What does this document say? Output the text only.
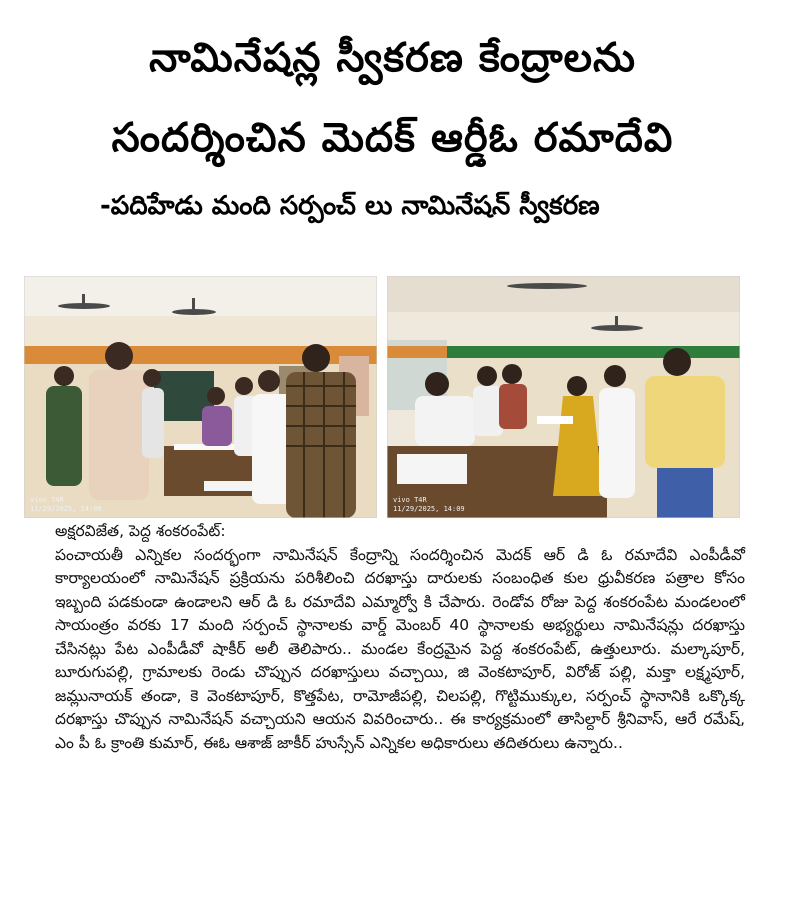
నామినేషన్ల స్వీకరణ కేంద్రాలను
సందర్శించిన మెదక్ ఆర్డీఓ రమాదేవి
-పదిహేడు మంది సర్పంచ్ లు నామినేషన్ స్వీకరణ
vivo T4R
11/29/2025, 14:09
vivo T4R
11/29/2025, 14:09
అక్షరవిజేత, పెద్ద శంకరంపేట్:
పంచాయతీ ఎన్నికల సందర్భంగా నామినేషన్ కేంద్రాన్ని సందర్శించిన మెదక్ ఆర్ డి ఓ రమాదేవి ఎంపీడీవో కార్యాలయంలో నామినేషన్ ప్రక్రియను పరిశీలించి దరఖాస్తు దారులకు సంబంధిత కుల ధ్రువీకరణ పత్రాల కోసం ఇబ్బంది పడకుండా ఉండాలని ఆర్ డి ఓ రమాదేవి ఎమ్మార్వో కి చేపారు. రెండోవ రోజు పెద్ద శంకరంపేట మండలంలో సాయంత్రం వరకు 17 మంది సర్పంచ్ స్థానాలకు వార్డ్ మెంబర్ 40 స్థానాలకు అభ్యర్థులు నామినేషన్లు దరఖాస్తు చేసినట్లు పేట ఎంపీడీవో షాకీర్ అలీ తెలిపారు.. మండల కేంద్రమైన పెద్ద శంకరంపేట్, ఉత్తులూరు. మల్కాపూర్, బూరుగుపల్లి, గ్రామాలకు రెండు చొప్పున దరఖాస్తులు వచ్చాయి, జి వెంకటాపూర్, విరోజ్ పల్లి, మక్తా లక్ష్మపూర్, జమ్లునాయక్ తండా, కె వెంకటాపూర్, కొత్తపేట, రామోజీపల్లి, చిలపల్లి, గొట్టిముక్కుల, సర్పంచ్ స్థానానికి ఒక్కొక్క దరఖాస్తు చొప్పున నామినేషన్ వచ్చాయని ఆయన వివరించారు.. ఈ కార్యక్రమంలో తాసిల్దార్ శ్రీనివాస్, ఆరే రమేష్, ఎం పీ ఓ క్రాంతి కుమార్, ఈఓ ఆశాజ్ జాకీర్ హుస్సేన్ ఎన్నికల అధికారులు తదితరులు ఉన్నారు..
